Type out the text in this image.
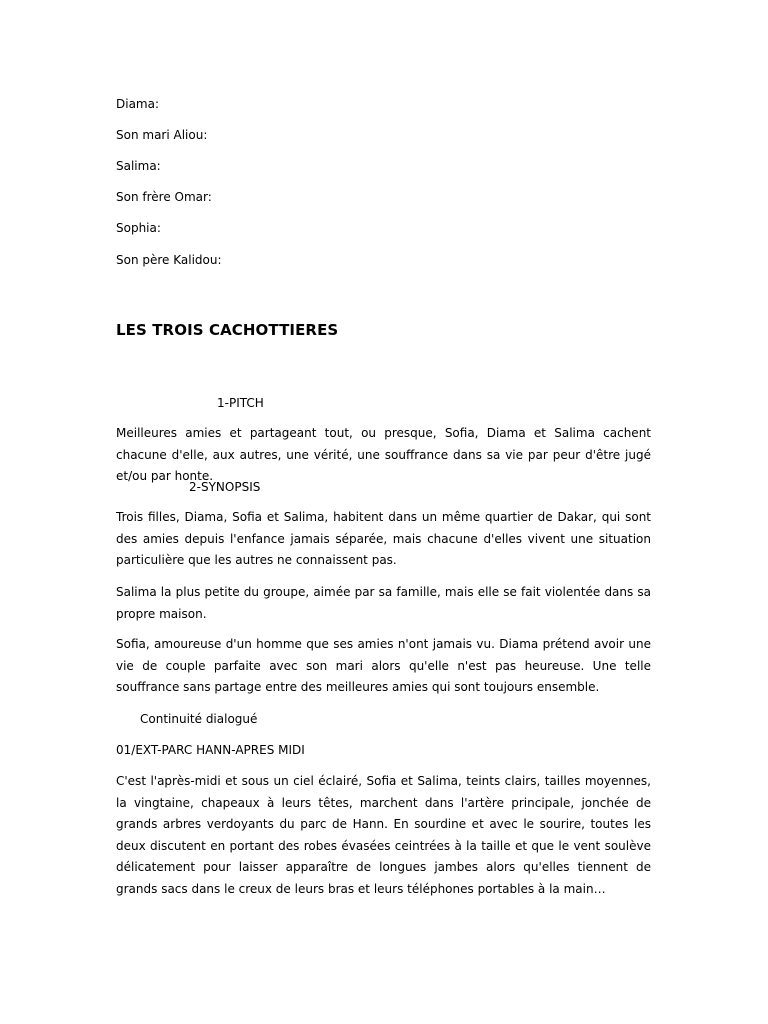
Diama:
Son mari Aliou:
Salima:
Son frère Omar:
Sophia:
Son père Kalidou:
LES TROIS CACHOTTIERES
1-PITCH
Meilleures amies et partageant tout, ou presque, Sofia, Diama et Salima cachent chacune d'elle, aux autres, une vérité, une souffrance dans sa vie par peur d'être jugé et/ou par honte.
2-SYNOPSIS
Trois filles, Diama, Sofia et Salima, habitent dans un même quartier de Dakar, qui sont des amies depuis l'enfance jamais séparée, mais chacune d'elles vivent une situation particulière que les autres ne connaissent pas.
Salima la plus petite du groupe, aimée par sa famille, mais elle se fait violentée dans sa propre maison.
Sofia, amoureuse d'un homme que ses amies n'ont jamais vu. Diama prétend avoir une vie de couple parfaite avec son mari alors qu'elle n'est pas heureuse. Une telle souffrance sans partage entre des meilleures amies qui sont toujours ensemble.
Continuité dialogué
01/EXT-PARC HANN-APRES MIDI
C'est l'après-midi et sous un ciel éclairé, Sofia et Salima, teints clairs, tailles moyennes, la vingtaine, chapeaux à leurs têtes, marchent dans l'artère principale, jonchée de grands arbres verdoyants du parc de Hann. En sourdine et avec le sourire, toutes les deux discutent en portant des robes évasées ceintrées à la taille et que le vent soulève délicatement pour laisser apparaître de longues jambes alors qu'elles tiennent de grands sacs dans le creux de leurs bras et leurs téléphones portables à la main…
